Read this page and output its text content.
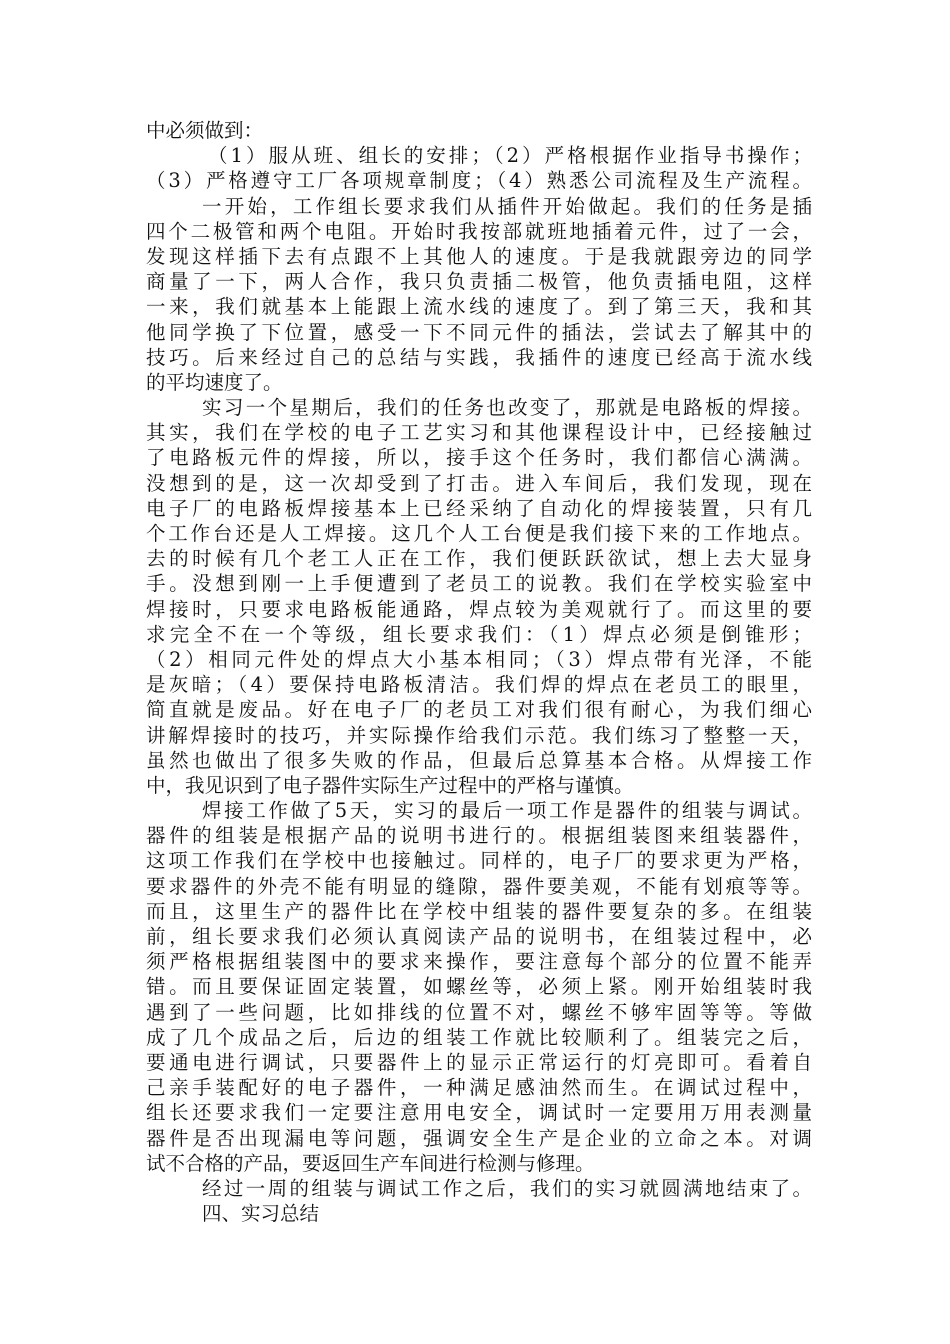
中必须做到：
（1）服从班、组长的安排；（2）严格根据作业指导书操作；
（3）严格遵守工厂各项规章制度；（4）熟悉公司流程及生产流程。
一开始，工作组长要求我们从插件开始做起。我们的任务是插
四个二极管和两个电阻。开始时我按部就班地插着元件，过了一会，
发现这样插下去有点跟不上其他人的速度。于是我就跟旁边的同学
商量了一下，两人合作，我只负责插二极管，他负责插电阻，这样
一来，我们就基本上能跟上流水线的速度了。到了第三天，我和其
他同学换了下位置，感受一下不同元件的插法，尝试去了解其中的
技巧。后来经过自己的总结与实践，我插件的速度已经高于流水线
的平均速度了。
实习一个星期后，我们的任务也改变了，那就是电路板的焊接。
其实，我们在学校的电子工艺实习和其他课程设计中，已经接触过
了电路板元件的焊接，所以，接手这个任务时，我们都信心满满。
没想到的是，这一次却受到了打击。进入车间后，我们发现，现在
电子厂的电路板焊接基本上已经采纳了自动化的焊接装置，只有几
个工作台还是人工焊接。这几个人工台便是我们接下来的工作地点。
去的时候有几个老工人正在工作，我们便跃跃欲试，想上去大显身
手。没想到刚一上手便遭到了老员工的说教。我们在学校实验室中
焊接时，只要求电路板能通路，焊点较为美观就行了。而这里的要
求完全不在一个等级，组长要求我们：（1）焊点必须是倒锥形；
（2）相同元件处的焊点大小基本相同；（3）焊点带有光泽，不能
是灰暗；（4）要保持电路板清洁。我们焊的焊点在老员工的眼里，
简直就是废品。好在电子厂的老员工对我们很有耐心，为我们细心
讲解焊接时的技巧，并实际操作给我们示范。我们练习了整整一天，
虽然也做出了很多失败的作品，但最后总算基本合格。从焊接工作
中，我见识到了电子器件实际生产过程中的严格与谨慎。
焊接工作做了5天，实习的最后一项工作是器件的组装与调试。
器件的组装是根据产品的说明书进行的。根据组装图来组装器件，
这项工作我们在学校中也接触过。同样的，电子厂的要求更为严格，
要求器件的外壳不能有明显的缝隙，器件要美观，不能有划痕等等。
而且，这里生产的器件比在学校中组装的器件要复杂的多。在组装
前，组长要求我们必须认真阅读产品的说明书，在组装过程中，必
须严格根据组装图中的要求来操作，要注意每个部分的位置不能弄
错。而且要保证固定装置，如螺丝等，必须上紧。刚开始组装时我
遇到了一些问题，比如排线的位置不对，螺丝不够牢固等等。等做
成了几个成品之后，后边的组装工作就比较顺利了。组装完之后，
要通电进行调试，只要器件上的显示正常运行的灯亮即可。看着自
己亲手装配好的电子器件，一种满足感油然而生。在调试过程中，
组长还要求我们一定要注意用电安全，调试时一定要用万用表测量
器件是否出现漏电等问题，强调安全生产是企业的立命之本。对调
试不合格的产品，要返回生产车间进行检测与修理。
经过一周的组装与调试工作之后，我们的实习就圆满地结束了。
四、实习总结
